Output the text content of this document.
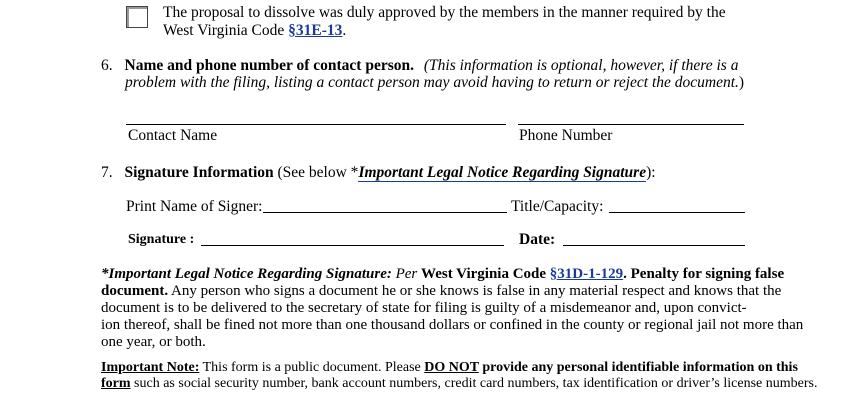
The proposal to dissolve was duly approved by the members in the manner required by the
West Virginia Code §31E-13.
6. Name and phone number of contact person. (This information is optional, however, if there is a
problem with the filing, listing a contact person may avoid having to return or reject the document.)
Contact Name	Phone Number
7. Signature Information (See below *Important Legal Notice Regarding Signature):
Print Name of Signer:	Title/Capacity:
Signature :	Date:
*Important Legal Notice Regarding Signature: Per West Virginia Code §31D-1-129. Penalty for signing false
document. Any person who signs a document he or she knows is false in any material respect and knows that the
document is to be delivered to the secretary of state for filing is guilty of a misdemeanor and, upon convict-
ion thereof, shall be fined not more than one thousand dollars or confined in the county or regional jail not more than
one year, or both.
Important Note: This form is a public document. Please DO NOT provide any personal identifiable information on this
form such as social security number, bank account numbers, credit card numbers, tax identification or driver’s license numbers.
